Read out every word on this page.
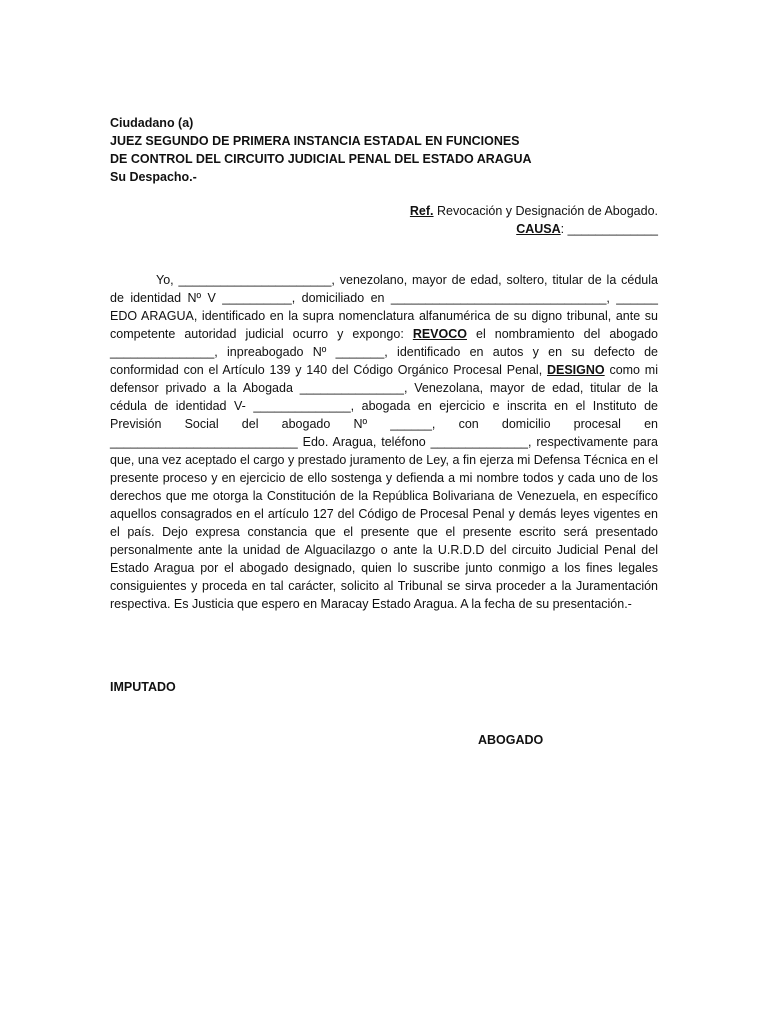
Ciudadano (a)
JUEZ SEGUNDO DE PRIMERA INSTANCIA ESTADAL EN FUNCIONES
DE CONTROL DEL CIRCUITO JUDICIAL PENAL DEL ESTADO ARAGUA
Su Despacho.-
Ref. Revocación y Designación de Abogado.
CAUSA: _____________
Yo, ______________________, venezolano, mayor de edad, soltero, titular de la cédula de identidad Nº V __________, domiciliado en _______________________________, ______ EDO ARAGUA, identificado en la supra nomenclatura alfanumérica de su digno tribunal, ante su competente autoridad judicial ocurro y expongo: REVOCO el nombramiento del abogado _______________, inpreabogado Nº _______, identificado en autos y en su defecto de conformidad con el Artículo 139 y 140 del Código Orgánico Procesal Penal, DESIGNO como mi defensor privado a la Abogada _______________, Venezolana, mayor de edad, titular de la cédula de identidad V- ______________, abogada en ejercicio e inscrita en el Instituto de Previsión Social del abogado Nº ______, con domicilio procesal en ___________________________ Edo. Aragua, teléfono ______________, respectivamente para que, una vez aceptado el cargo y prestado juramento de Ley, a fin ejerza mi Defensa Técnica en el presente proceso y en ejercicio de ello sostenga y defienda a mi nombre todos y cada uno de los derechos que me otorga la Constitución de la República Bolivariana de Venezuela, en específico aquellos consagrados en el artículo 127 del Código de Procesal Penal y demás leyes vigentes en el país. Dejo expresa constancia que el presente que el presente escrito será presentado personalmente ante la unidad de Alguacilazgo o ante la U.R.D.D del circuito Judicial Penal del Estado Aragua por el abogado designado, quien lo suscribe junto conmigo a los fines legales consiguientes y proceda en tal carácter, solicito al Tribunal se sirva proceder a la Juramentación respectiva. Es Justicia que espero en Maracay Estado Aragua. A la fecha de su presentación.-
IMPUTADO
ABOGADO
